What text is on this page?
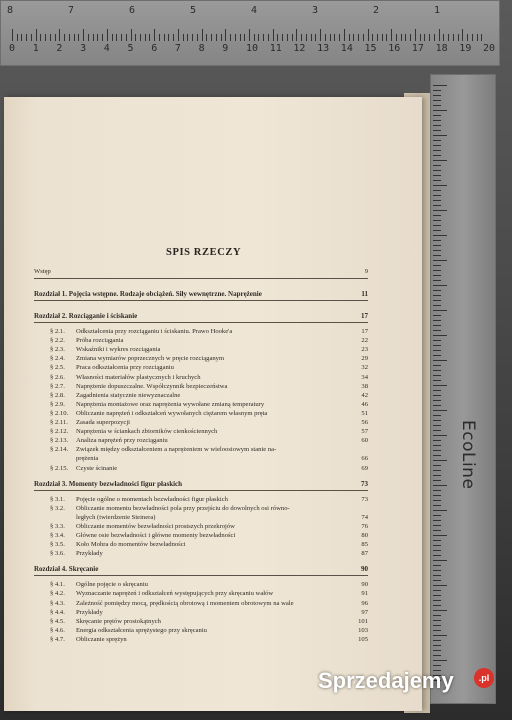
8	7	6	5	4	3	2	1
0 1 2 3 4 5 6 7 8 9 10 11 12 13 14 15 16 17 18 19 20
EcoLine
SPIS RZECZY
Wstęp	9
Rozdział 1. Pojęcia wstępne. Rodzaje obciążeń. Siły wewnętrzne. Naprężenie	11
Rozdział 2. Rozciąganie i ściskanie	17
§ 2.1. Odkształcenia przy rozciąganiu i ściskaniu. Prawo Hooke'a	17
§ 2.2. Próba rozciągania	22
§ 2.3. Wskaźniki i wykres rozciągania	23
§ 2.4. Zmiana wymiarów poprzecznych w pręcie rozciąganym	29
§ 2.5. Praca odkształcenia przy rozciąganiu	32
§ 2.6. Własności materiałów plastycznych i kruchych	34
§ 2.7. Naprężenie dopuszczalne. Współczynnik bezpieczeństwa	38
§ 2.8. Zagadnienia statycznie niewyznaczalne	42
§ 2.9. Naprężenia montażowe oraz naprężenia wywołane zmianą temperatury	46
§ 2.10. Obliczanie naprężeń i odkształceń wywołanych ciężarem własnym pręta	51
§ 2.11. Zasada superpozycji	56
§ 2.12. Naprężenia w ściankach zbiorników cienkościennych	57
§ 2.13. Analiza naprężeń przy rozciąganiu	60
§ 2.14. Związek między odkształceniem a naprężeniem w wieloosiowym stanie na-
prężenia	66
§ 2.15. Czyste ścinanie	69
Rozdział 3. Momenty bezwładności figur płaskich	73
§ 3.1. Pojęcie ogólne o momentach bezwładności figur płaskich	73
§ 3.2. Obliczanie momentu bezwładności pola przy przejściu do dowolnych osi równo-
ległych (twierdzenie Steinera)	74
§ 3.3. Obliczanie momentów bezwładności prostszych przekrojów	76
§ 3.4. Główne osie bezwładności i główne momenty bezwładności	80
§ 3.5. Koło Mohra do momentów bezwładności	85
§ 3.6. Przykłady	87
Rozdział 4. Skręcanie	90
§ 4.1. Ogólne pojęcie o skręcaniu	90
§ 4.2. Wyznaczanie naprężeń i odkształceń występujących przy skręcaniu wałów	91
§ 4.3. Zależność pomiędzy mocą, prędkością obrotową i momentem obrotowym na wale	96
§ 4.4. Przykłady	97
§ 4.5. Skręcanie prętów prostokątnych	101
§ 4.6. Energia odkształcenia sprężystego przy skręcaniu	103
§ 4.7. Obliczanie sprężyn	105
Sprzedajemy	.pl
